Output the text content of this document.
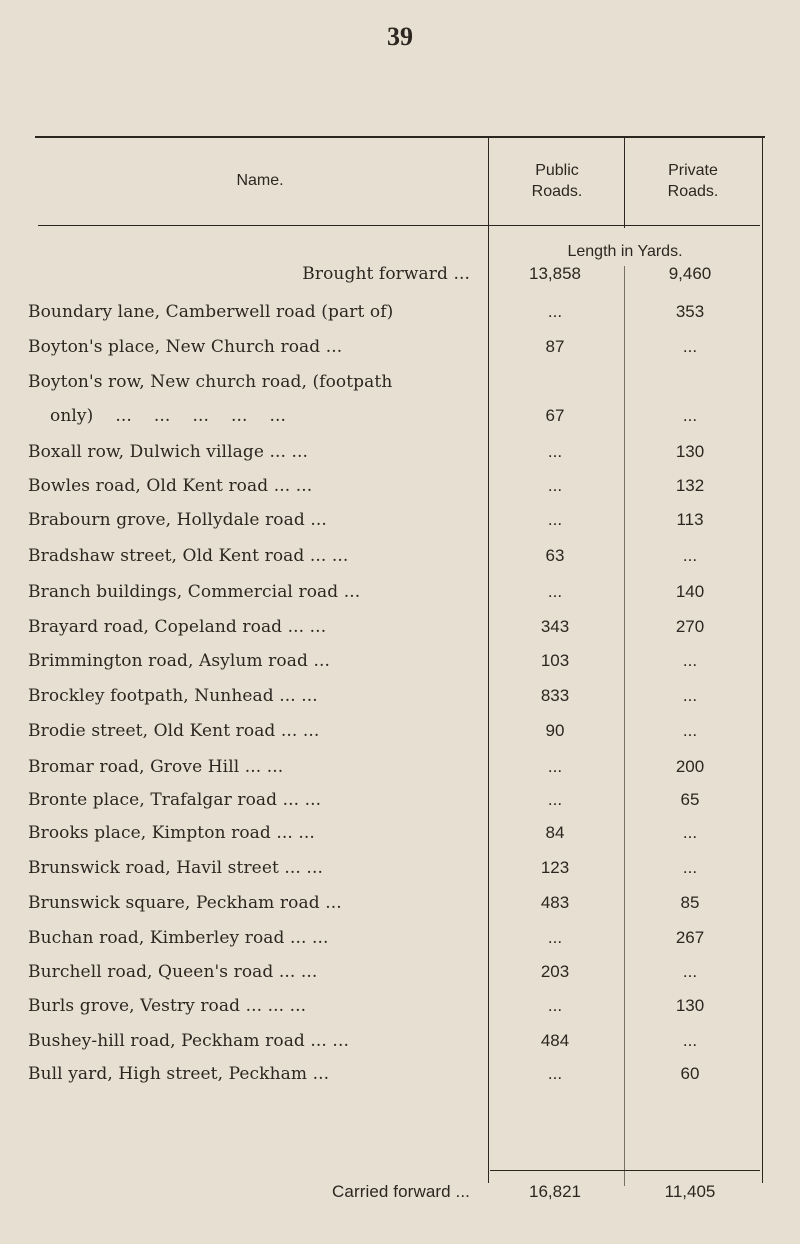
39
Name.
Public
Roads.
Private
Roads.
Length in Yards.
Brought forward ...	13,858	9,460
Boundary lane, Camberwell road (part of)	...	353
Boyton's place, New Church road ...	87	...
Boyton's row, New church road, (footpath
only)    ...    ...    ...    ...    ...	67	...
Boxall row, Dulwich village ... ...	...	130
Bowles road, Old Kent road ... ...	...	132
Brabourn grove, Hollydale road ...	...	113
Bradshaw street, Old Kent road ... ...	63	...
Branch buildings, Commercial road ...	...	140
Brayard road, Copeland road ... ...	343	270
Brimmington road, Asylum road ...	103	...
Brockley footpath, Nunhead ... ...	833	...
Brodie street, Old Kent road ... ...	90	...
Bromar road, Grove Hill ... ...	...	200
Bronte place, Trafalgar road ... ...	...	65
Brooks place, Kimpton road ... ...	84	...
Brunswick road, Havil street ... ...	123	...
Brunswick square, Peckham road ...	483	85
Buchan road, Kimberley road ... ...	...	267
Burchell road, Queen's road ... ...	203	...
Burls grove, Vestry road ... ... ...	...	130
Bushey-hill road, Peckham road ... ...	484	...
Bull yard, High street, Peckham ...	...	60
Carried forward ...	16,821	11,405
